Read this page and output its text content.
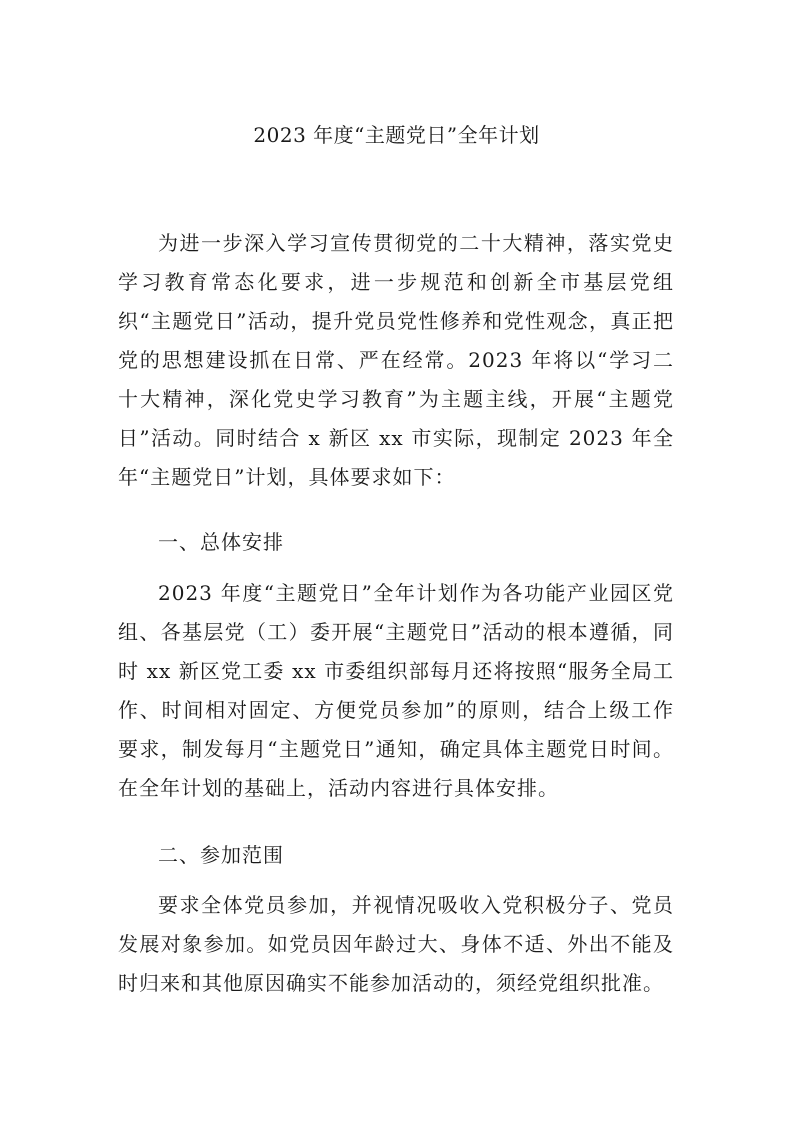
2023 年度“主题党日”全年计划

为进一步深入学习宣传贯彻党的二十大精神，落实党史学习教育常态化要求，进一步规范和创新全市基层党组织“主题党日”活动，提升党员党性修养和党性观念，真正把党的思想建设抓在日常、严在经常。2023 年将以“学习二十大精神，深化党史学习教育”为主题主线，开展“主题党日”活动。同时结合 x 新区 xx 市实际，现制定 2023 年全年“主题党日”计划，具体要求如下：

一、总体安排

2023 年度“主题党日”全年计划作为各功能产业园区党组、各基层党（工）委开展“主题党日”活动的根本遵循，同时 xx 新区党工委 xx 市委组织部每月还将按照“服务全局工作、时间相对固定、方便党员参加”的原则，结合上级工作要求，制发每月“主题党日”通知，确定具体主题党日时间。在全年计划的基础上，活动内容进行具体安排。

二、参加范围

要求全体党员参加，并视情况吸收入党积极分子、党员发展对象参加。如党员因年龄过大、身体不适、外出不能及时归来和其他原因确实不能参加活动的，须经党组织批准。
